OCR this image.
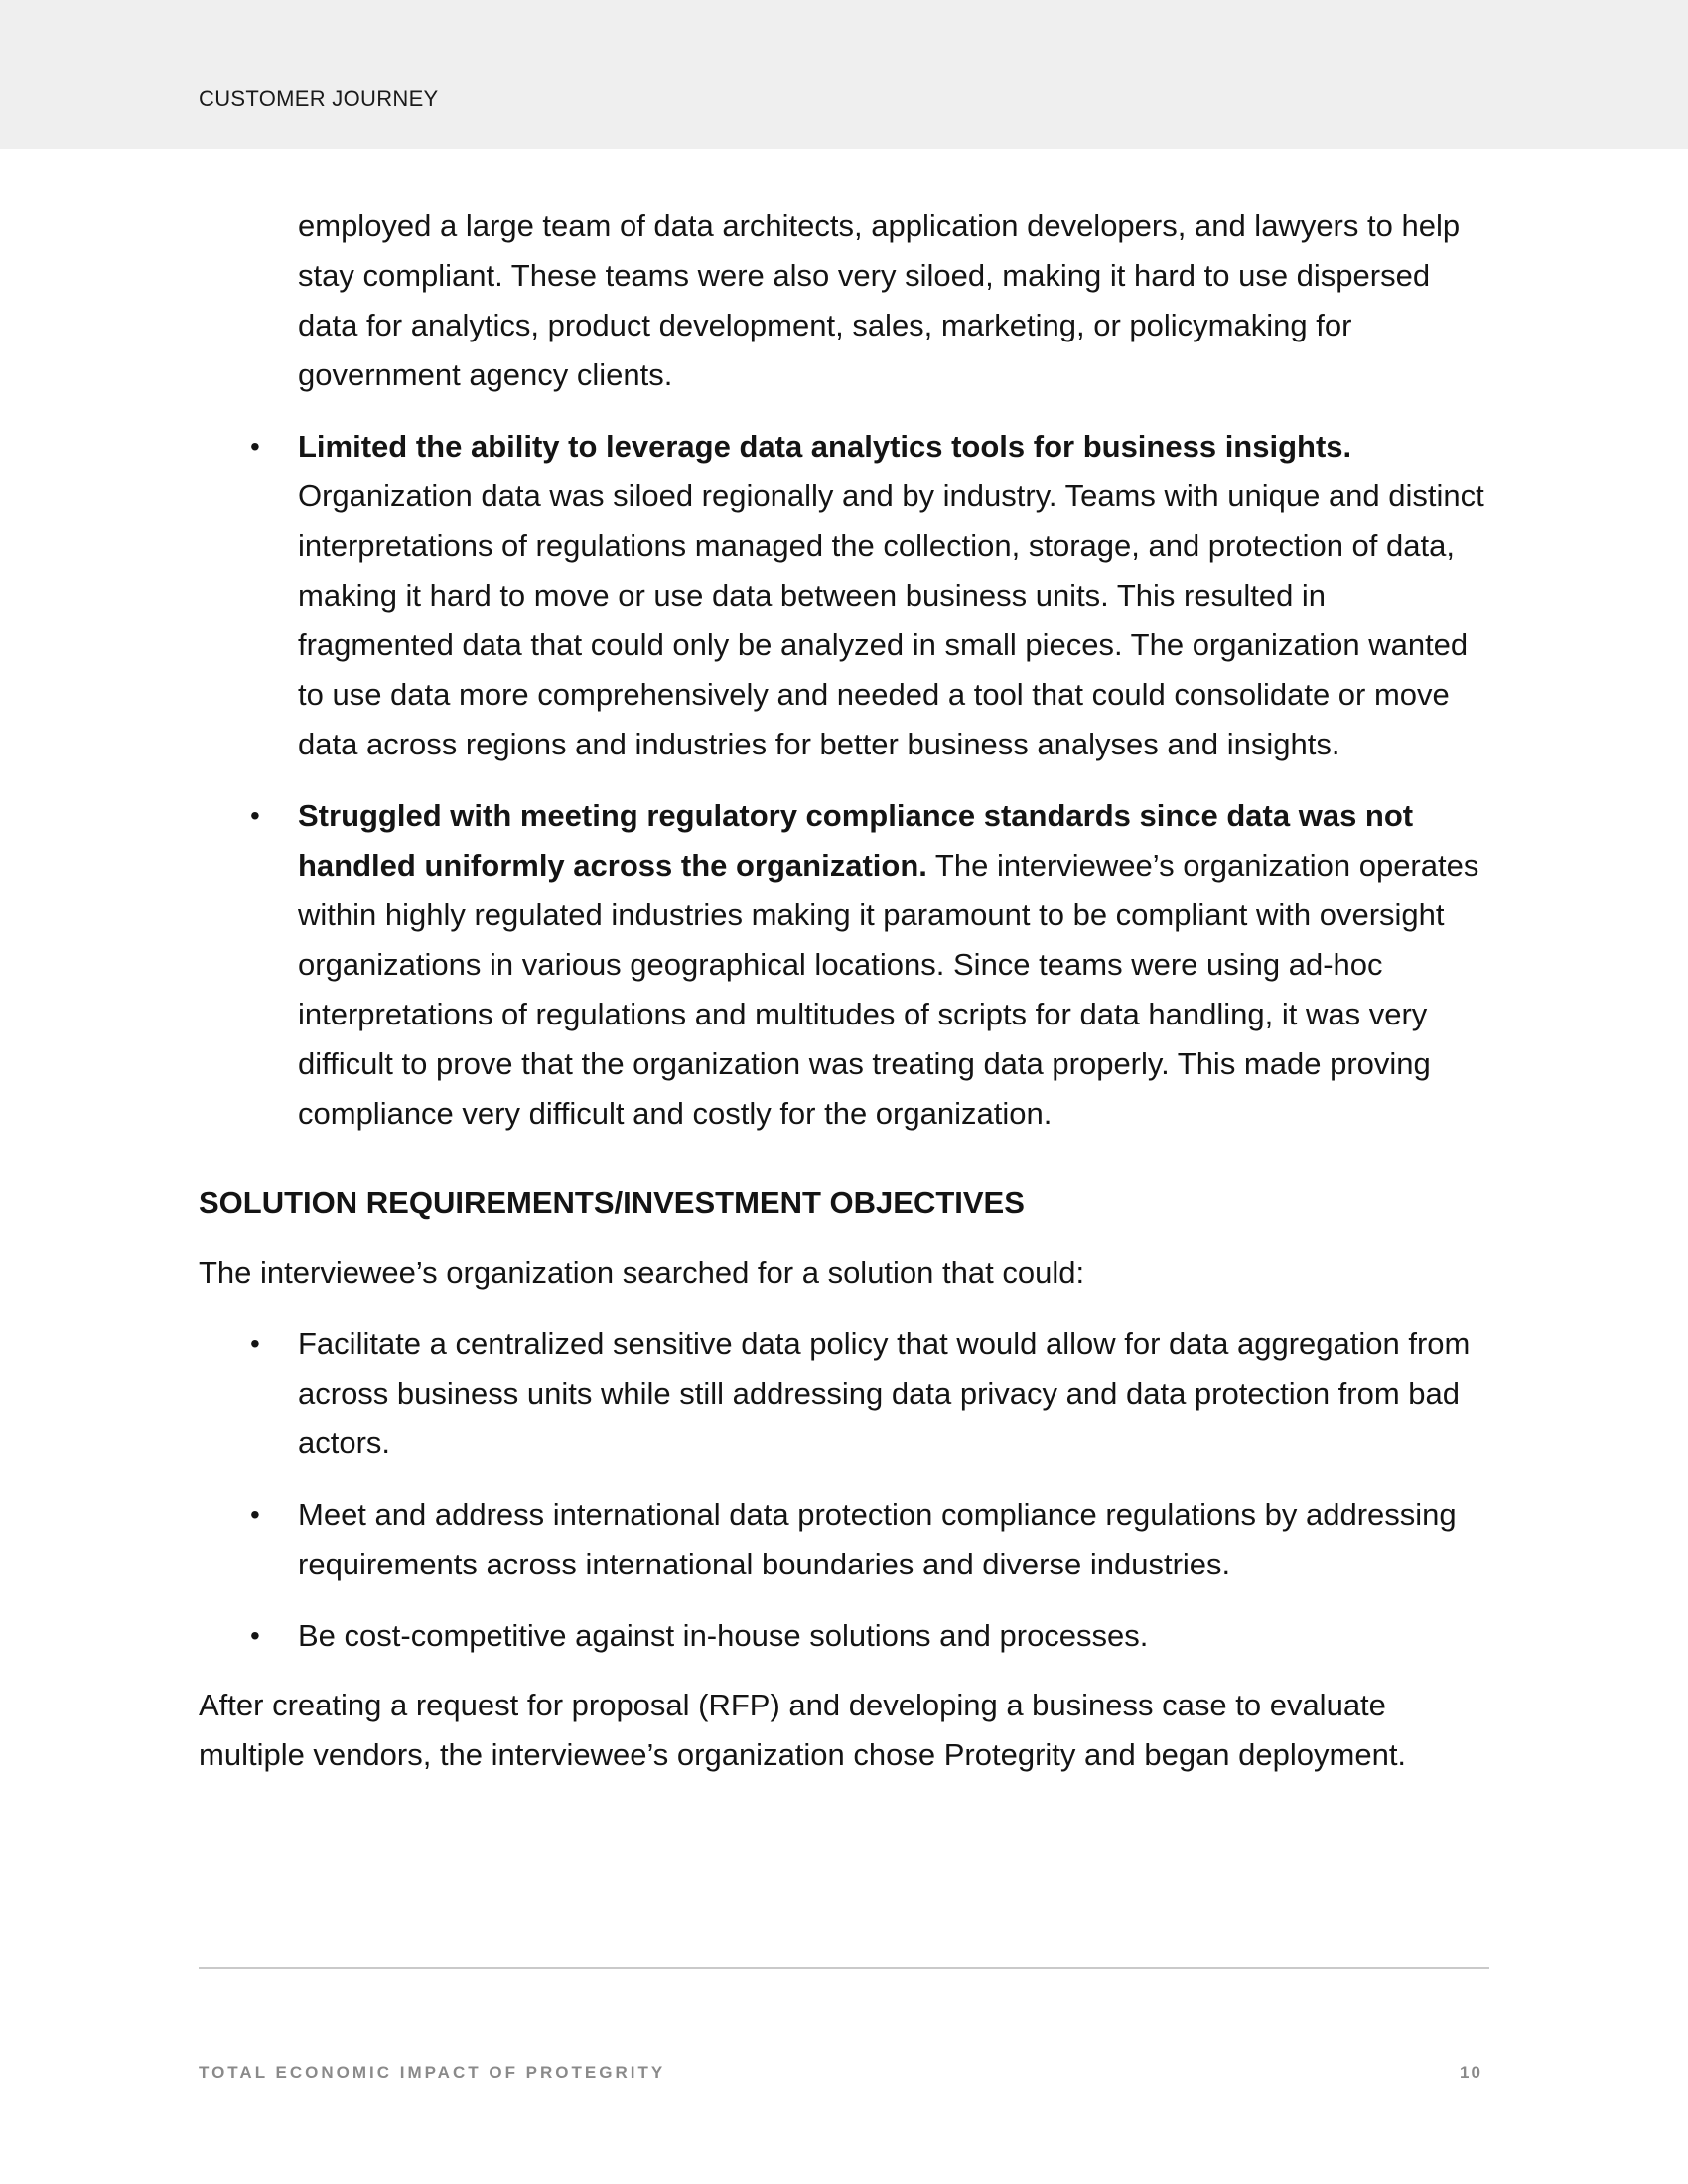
CUSTOMER JOURNEY
employed a large team of data architects, application developers, and lawyers to help stay compliant. These teams were also very siloed, making it hard to use dispersed data for analytics, product development, sales, marketing, or policymaking for government agency clients.
• Limited the ability to leverage data analytics tools for business insights. Organization data was siloed regionally and by industry. Teams with unique and distinct interpretations of regulations managed the collection, storage, and protection of data, making it hard to move or use data between business units. This resulted in fragmented data that could only be analyzed in small pieces. The organization wanted to use data more comprehensively and needed a tool that could consolidate or move data across regions and industries for better business analyses and insights.
• Struggled with meeting regulatory compliance standards since data was not handled uniformly across the organization. The interviewee’s organization operates within highly regulated industries making it paramount to be compliant with oversight organizations in various geographical locations. Since teams were using ad-hoc interpretations of regulations and multitudes of scripts for data handling, it was very difficult to prove that the organization was treating data properly. This made proving compliance very difficult and costly for the organization.
SOLUTION REQUIREMENTS/INVESTMENT OBJECTIVES

The interviewee’s organization searched for a solution that could:

• Facilitate a centralized sensitive data policy that would allow for data aggregation from across business units while still addressing data privacy and data protection from bad actors.
• Meet and address international data protection compliance regulations by addressing requirements across international boundaries and diverse industries.
• Be cost-competitive against in-house solutions and processes.

After creating a request for proposal (RFP) and developing a business case to evaluate multiple vendors, the interviewee’s organization chose Protegrity and began deployment.

TOTAL ECONOMIC IMPACT OF PROTEGRITY	10
